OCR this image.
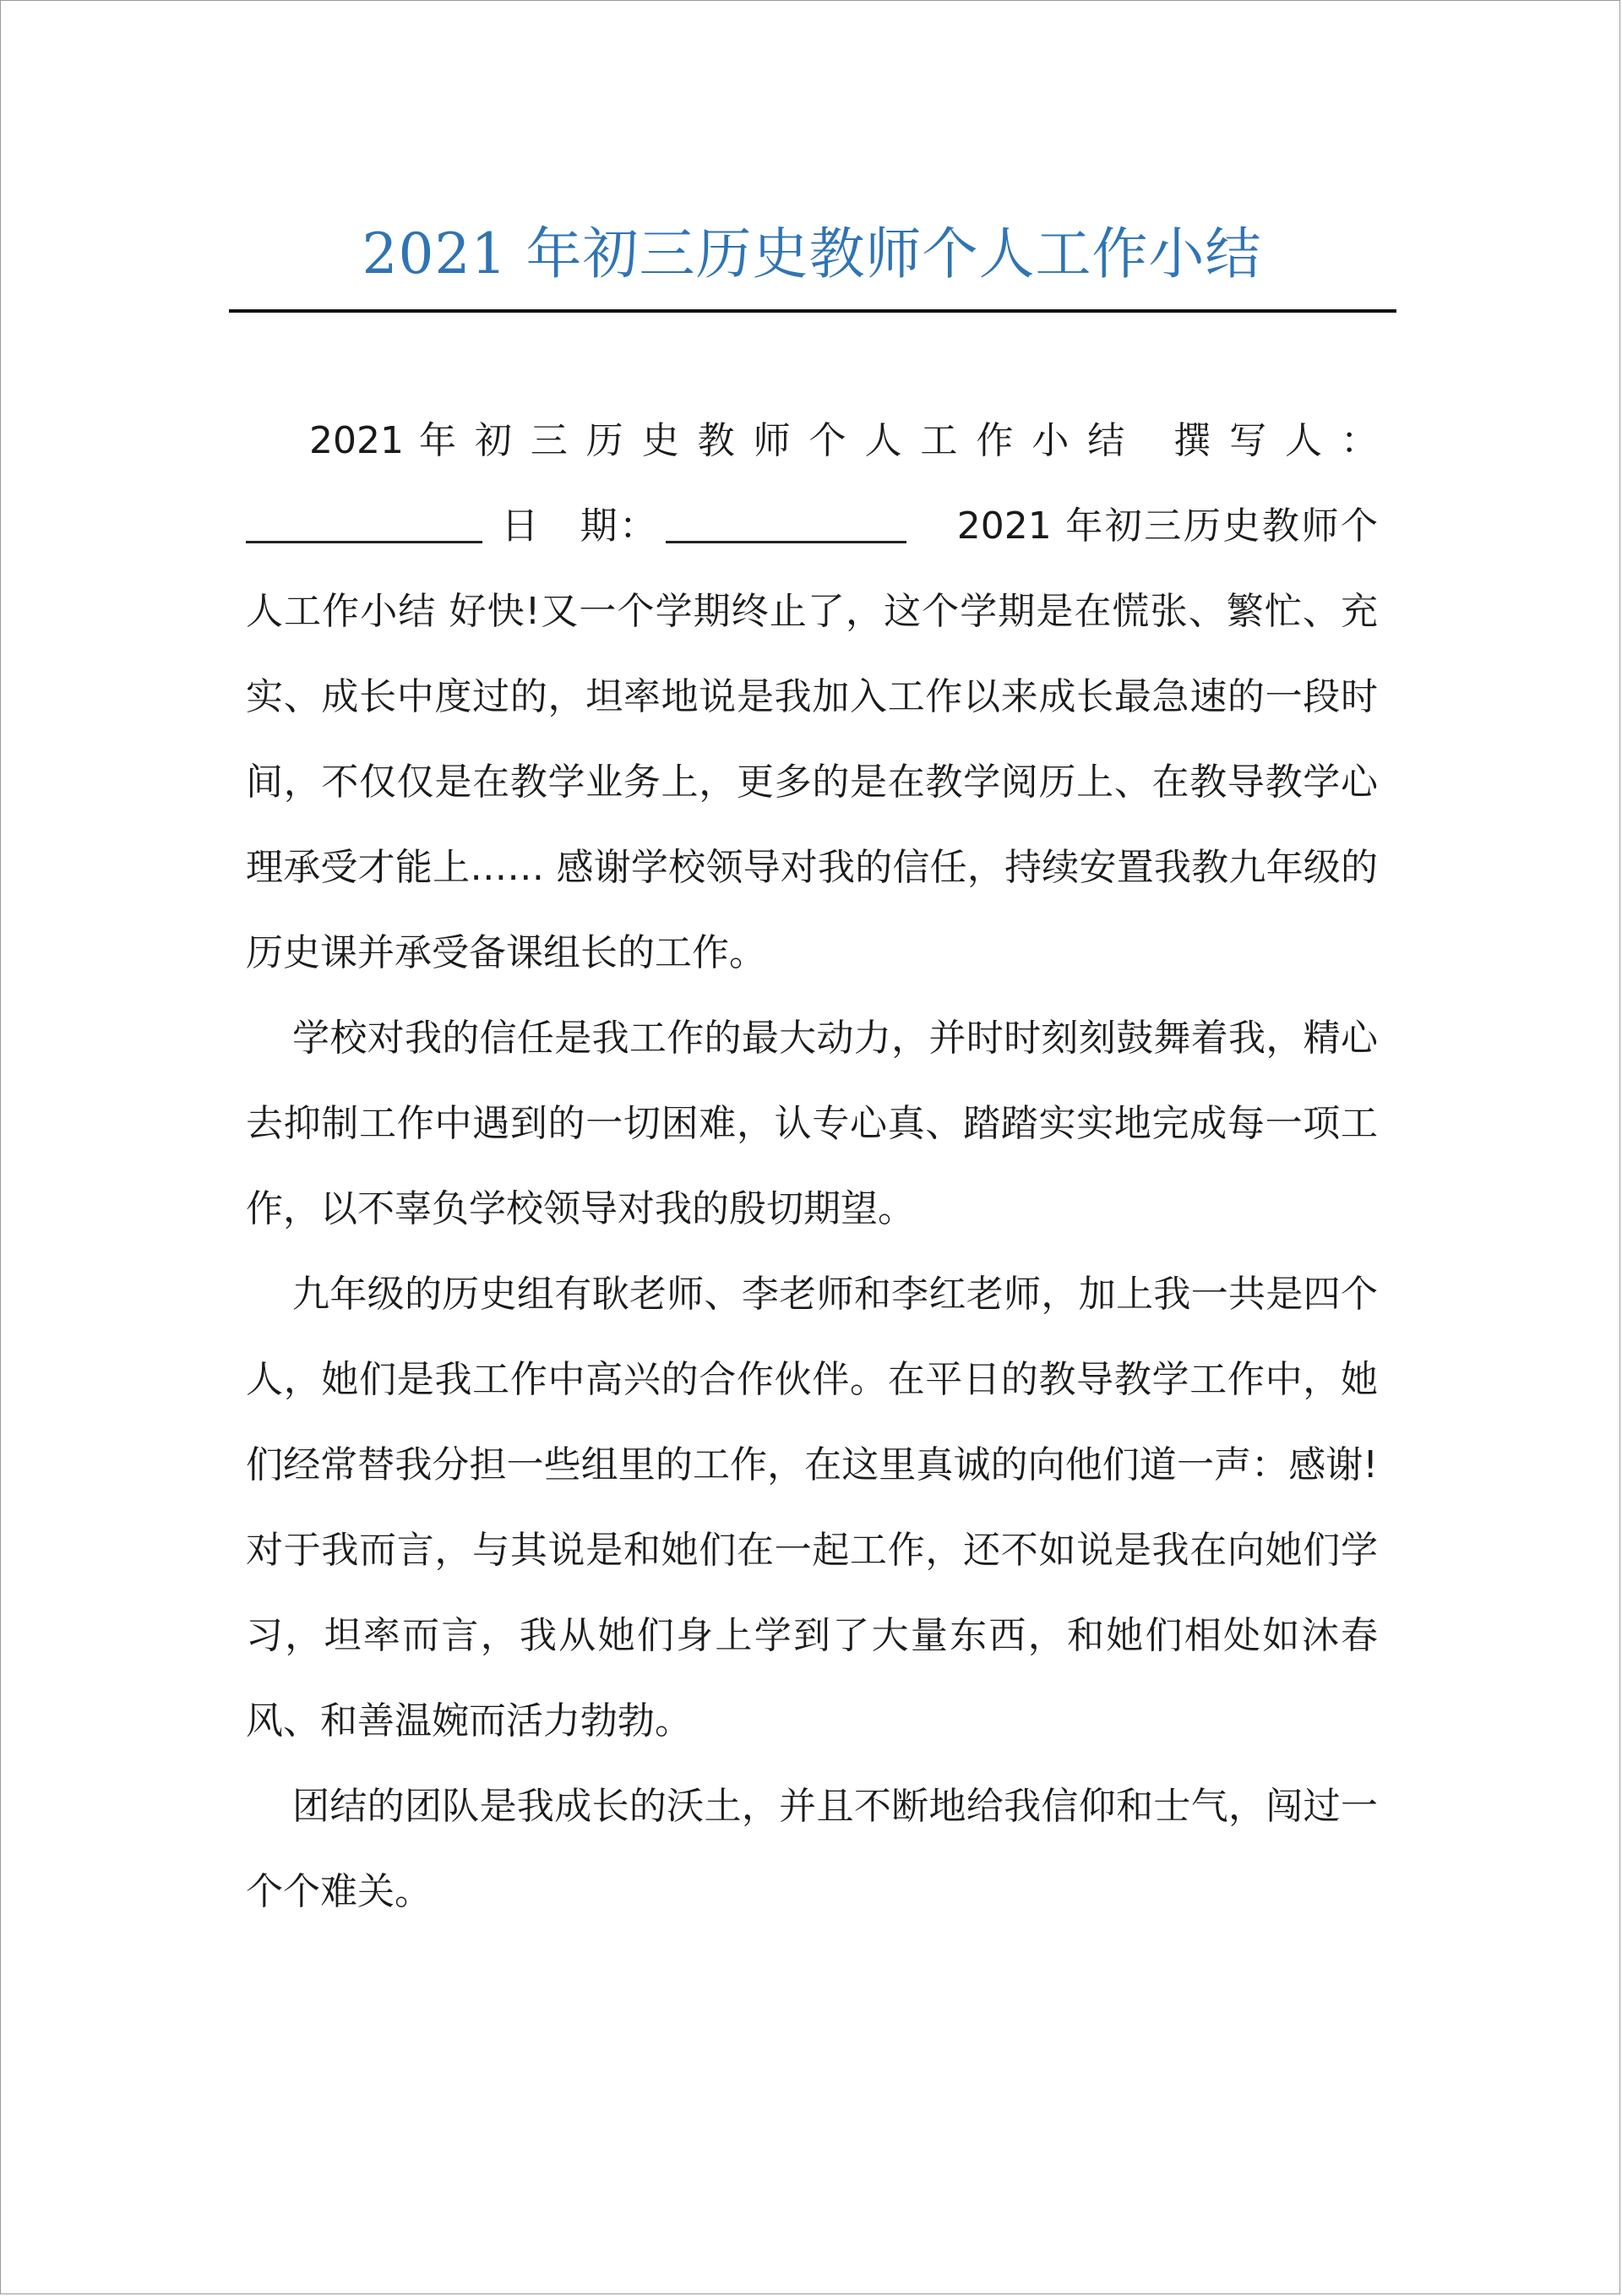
2021 年初三历史教师个人工作小结

2021 年 初 三 历 史 教 师 个 人 工 作 小 结 撰 写 人 ：日　期：	2021 年初三历史教师个人工作小结 好快!又一个学期终止了，这个学期是在慌张、繁忙、充实、成长中度过的，坦率地说是我加入工作以来成长最急速的一段时间，不仅仅是在教学业务上，更多的是在教学阅历上、在教导教学心理承受才能上…… 感谢学校领导对我的信任，持续安置我教九年级的历史课并承受备课组长的工作。

学校对我的信任是我工作的最大动力，并时时刻刻鼓舞着我，精心去抑制工作中遇到的一切困难，认专心真、踏踏实实地完成每一项工作，以不辜负学校领导对我的殷切期望。

九年级的历史组有耿老师、李老师和李红老师，加上我一共是四个人，她们是我工作中高兴的合作伙伴。在平日的教导教学工作中，她们经常替我分担一些组里的工作，在这里真诚的向他们道一声：感谢! 对于我而言，与其说是和她们在一起工作，还不如说是我在向她们学习，坦率而言，我从她们身上学到了大量东西，和她们相处如沐春风、和善温婉而活力勃勃。

团结的团队是我成长的沃土，并且不断地给我信仰和士气，闯过一个个难关。
